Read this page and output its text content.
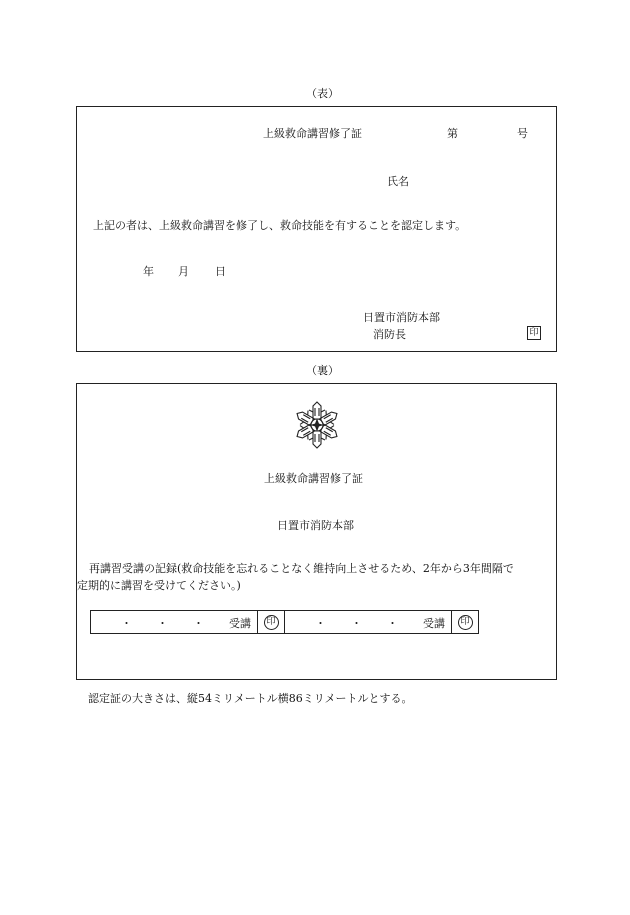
（表）
上級救命講習修了証	第	号
氏名
上記の者は、上級救命講習を修了し、救命技能を有することを認定します。
年 月 日
日置市消防本部
消防長	印
（裏）
上級救命講習修了証
日置市消防本部
再講習受講の記録(救命技能を忘れることなく維持向上させるため、2年から3年間隔で
定期的に講習を受けてください。)
・ ・ ・ 受講	印	・ ・ ・ 受講	印
認定証の大きさは、縦54ミリメートル横86ミリメートルとする。
